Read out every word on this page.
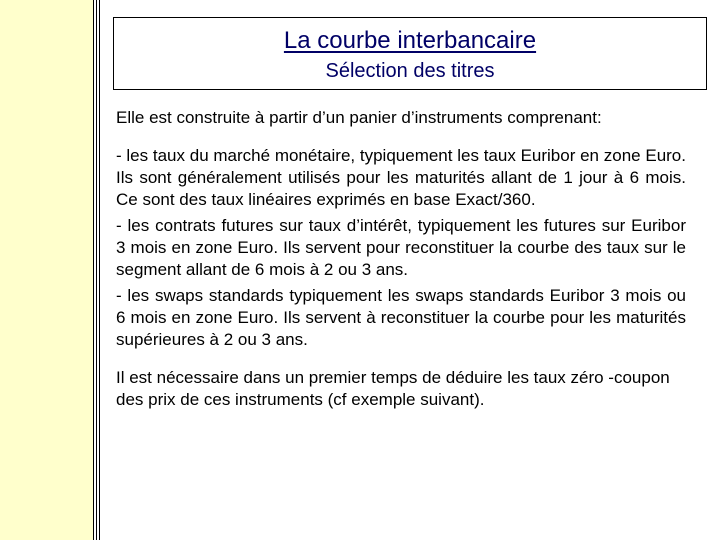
La courbe interbancaire
Sélection des titres

Elle est construite à partir d’un panier d’instruments comprenant:

- les taux du marché monétaire, typiquement les taux Euribor en zone Euro. Ils sont généralement utilisés pour les maturités allant de 1 jour à 6 mois. Ce sont des taux linéaires exprimés en base Exact/360.

- les contrats futures sur taux d’intérêt, typiquement les futures sur Euribor 3 mois en zone Euro. Ils servent pour reconstituer la courbe des taux sur le segment allant de 6 mois à 2 ou 3 ans.

- les swaps standards typiquement les swaps standards Euribor 3 mois ou 6 mois en zone Euro. Ils servent à reconstituer la courbe pour les maturités supérieures à 2 ou 3 ans.

Il est nécessaire dans un premier temps de déduire les taux zéro -coupon des prix de ces instruments (cf exemple suivant).
